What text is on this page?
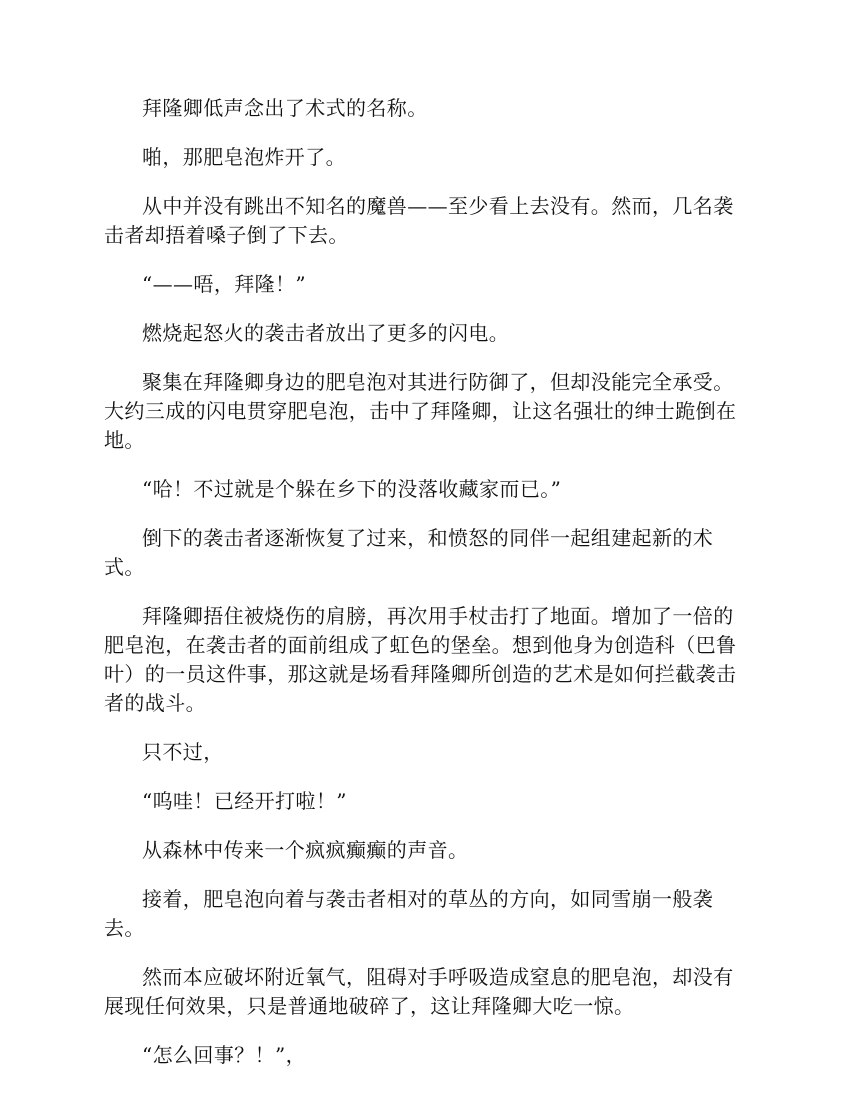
拜隆卿低声念出了术式的名称。

啪，那肥皂泡炸开了。

从中并没有跳出不知名的魔兽——至少看上去没有。然而，几名袭击者却捂着嗓子倒了下去。

“——唔，拜隆！”

燃烧起怒火的袭击者放出了更多的闪电。

聚集在拜隆卿身边的肥皂泡对其进行防御了，但却没能完全承受。大约三成的闪电贯穿肥皂泡，击中了拜隆卿，让这名强壮的绅士跪倒在地。

“哈！不过就是个躲在乡下的没落收藏家而已。”

倒下的袭击者逐渐恢复了过来，和愤怒的同伴一起组建起新的术式。

拜隆卿捂住被烧伤的肩膀，再次用手杖击打了地面。增加了一倍的肥皂泡，在袭击者的面前组成了虹色的堡垒。想到他身为创造科（巴鲁叶）的一员这件事，那这就是场看拜隆卿所创造的艺术是如何拦截袭击者的战斗。

只不过，

“呜哇！已经开打啦！”

从森林中传来一个疯疯癫癫的声音。

接着，肥皂泡向着与袭击者相对的草丛的方向，如同雪崩一般袭去。

然而本应破坏附近氧气，阻碍对手呼吸造成窒息的肥皂泡，却没有展现任何效果，只是普通地破碎了，这让拜隆卿大吃一惊。

“怎么回事？！”，
